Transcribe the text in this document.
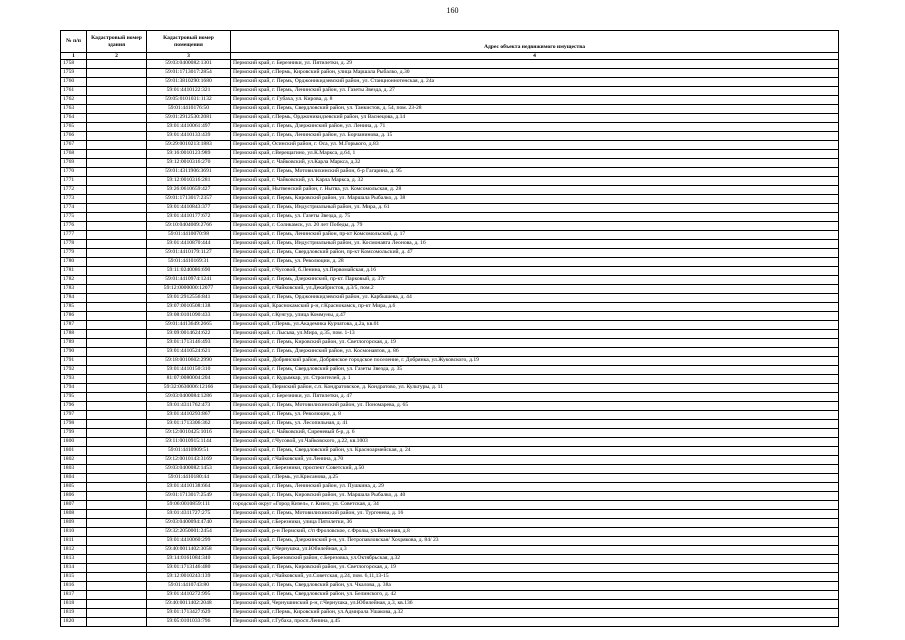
160
№ п/п	Кадастровый номер здания	Кадастровый номер помещения	Адрес объекта недвижимого имущества
1	2	3	4
1758		59:03:0400082:1301	Пермский край, г. Березники, ул. Пятилетки, д. 29
1759		59:01:1713017:2854	Пермский край, г.Пермь, Кировский район, улица Маршала Рыбалко, д.30
1760		59:01:3810290:1680	Пермский край, г. Пермь, Орджоникидзевский район, ул. Станционнотенская, д. 24а
1761		59:01:4410122:321	Пермский край, г. Пермь, Ленинский район, ул. Газеты Звезда, д. 27
1762		59:05:0101031:1132	Пермский край, г. Губаха, ул. Кирова, д. 8
1763		59:01:4410176:50	Пермский край, г. Пермь, Свердловский район, ул. Танкистов, д. 54, пом. 23-28
1764		59:01:2912530:2081	Пермский край, г.Пермь, Орджоникидзевский район, ул Васнецова, д.14
1765		59:01:4410061:497	Пермский край, г. Пермь, Дзержинский район, ул. Ленина, д. 71
1766		59:01:4410133:439	Пермский край, г. Пермь, Ленинский район, ул. Борчанинова, д. 15
1767		59:29:0010213:1883	Пермский край, Осинский район, г. Оса, ул. М.Горького, д.83
1768		59:16:0010123:989	Пермский край, г.Верещагино, ул.К.Маркса, д.64, 1
1769		59:12:0010316:270	Пермский край, г. Чайковский, ул.Карла Маркса, д.32
1770		59:01:4311906:3691	Пермский край, г. Пермь, Мотовилихинский район, б-р Гагарина, д. 95
1771		59:12:0010316:281	Пермский край, г. Чайковский, ул. Карла Маркса, д. 32
1772		59:26:0610659:427	Пермский край, Нытвенский район, г. Нытва, ул. Комсомольская, д. 28
1773		59:01:1713017:2357	Пермский край, г. Пермь, Кировский район, ул. Маршала Рыбалко, д. 38
1774		59:01:4410843:377	Пермский край, г. Пермь, Индустриальный район, ул. Мира, д. 61
1775		59:01:4410177:672	Пермский край, г. Пермь, ул. Газеты Звезда, д. 75
1776		59:10:0404009:2766	Пермский край, г. Соликамск, ул. 20 лет Победы, д. 79
1777		59:01:4410070:98	Пермский край, г. Пермь, Ленинский район, пр-кт Комсомольский, д. 17
1778		59:01:4410870:444	Пермский край, г. Пермь, Индустриальный район, ул. Космонавта Леонова, д. 16
1779		59:01:4410179:1127	Пермский край, г. Пермь, Свердловский район, пр-кт Комсомольский, д. 47
1780		59:01:4410169:31	Пермский край, г. Пермь, ул. Революции, д. 28
1781		59:11:0240086:690	Пермский край, г.Чусовой, б.Ленина, ул.Первомайская, д.16
1782		59:01:4410974:1241	Пермский край, г. Пермь, Дзержинский, пр-кт. Парковый, д. 37г
1783		59:12:0000000:12077	Пермский край, г.Чайковский, ул.Декабристов, д.3/5, пом.2
1784		59:01:2912556:841	Пермский край, г. Пермь, Орджоникидзевский район, ул. Карбышева, д. 44
1785		59:07:0010508:138	Пермский край, Краснокамский р-н, г.Краснокамск, пр-кт Мира, д.6
1786		59:08:0101090:433	Пермский край, г.Кунгур, улица Коммуны, д.47
1787		59:01:4413649:2665	Пермский край, г.Пермь, ул.Академика Курчатова, д.2а, кв.01
1788		59:09:0014624:622	Пермский край, г. Лысьва, ул.Мира, д.35, пом. 1-13
1789		59:01:1713146:493	Пермский край, г. Пермь, Кировский район, ул. Светлогорская, д. 19
1790		59:01:4410524:621	Пермский край, г. Пермь, Дзержинский район, ул. Космонавтов, д. 86
1791		59:18:0010602:2990	Пермский край, Добрянский район, Добрянское городское поселение, г. Добрянка, ул.Жуковского, д.19
1792		59:01:4410150:310	Пермский край, г. Пермь, Свердловский район, ул. Газеты Звезда, д. 35
1793		81:07:0080004:204	Пермский край, г. Кудымкар, ул. Строителей, д. 1
1794		59:32:0630006:12166	Пермский край, Пермский район, с.п. Кондратовское, д. Кондратово, ул. Культуры, д. 11
1795		59:03:0400084:1286	Пермский край, г. Березники, ул. Пятилетки, д. 47
1796		59:01:4311762:473	Пермский край, г. Пермь, Мотовилихинский район, ул. Пономарева, д. 65
1797		59:01:4410293:867	Пермский край, г. Пермь, ул. Революции, д. 8
1798		59:01:1713306:362	Пермский край, г. Пермь, ул. Лесопильная, д. 41
1799		59:12:0010425:1016	Пермский край, г. Чайковский, Сиреневый б-р, д. 6
1800		59:11:0010915:1144	Пермский край, г.Чусовой, ул.Чайковского, д.22, кв.1003
1801		59:01:4410909:51	Пермский край, г. Пермь, Свердловский район, ул. Красноармейская, д. 24
1802		59:12:0010143:3169	Пермский край, г.Чайковский, ул.Ленина, д.70
1803		59:03:0400082:1453	Пермский край, г.Березники, проспект Советский, д.50
1804		59:01:4410180:44	Пермский край, г.Пермь, ул.Крисанова, д.25
1805		59:01:4410138:664	Пермский край, г. Пермь, Ленинский район, ул. Пушкина, д. 29
1806		59:01:1713017:2549	Пермский край, г. Пермь, Кировский район, ул. Маршала Рыбалко, д. 40
1807		59:06:0010859:111	городской округ «Город Кизел», г. Кизел, ул. Советская, д. 34
1808		59:01:4311727:275	Пермский край, г. Пермь, Мотовилихинский район, ул. Тургенева, д. 16
1809		59:03:0400094:4740	Пермский край, г.Березники, улица Пятилетки, 36
1810		59:32:2050001:2454	Пермский край, р-н Пермский, с/п Фроловское, с.Фролы, ул.Весенняя, д.8
1811		59:01:4410060:299	Пермский край, г. Пермь, Дзержинский р-н, ул. Петропавловская/ Хохрякова, д. 84/ 23
1812		59:40:0011402:3058	Пермский край, г.Чернушка, ул.Юбилейная, д.3
1813		59:14:0161084:340	Пермский край, Березовский район, с.Березовка, ул.Октябрьская, д.32
1814		59:01:1713146:480	Пермский край, г. Пермь, Кировский район, ул. Светлогорская, д. 19
1815		59:12:0010243:139	Пермский край, г.Чайковский, ул.Советская, д.24, пом. 6,11,13-15
1816		59:01:4410743:80	Пермский край, г. Пермь, Свердловский район, ул. Чкалова, д. 38а
1817		59:01:4410272:995	Пермский край, г. Пермь, Свердловский район, ул. Белинского, д. 42
1818		59:40:0011402:2048	Пермский край, Чернушинский р-н, г.Чернушка, ул.Юбилейная, д.3, кв.136
1819		59:01:1713427:629	Пермский край, г.Пермь, Кировский район, ул.Адмирала Ушакова, д.32
1820		59:05:0101033:796	Пермский край, г.Губаха, просп.Ленина, д.45
